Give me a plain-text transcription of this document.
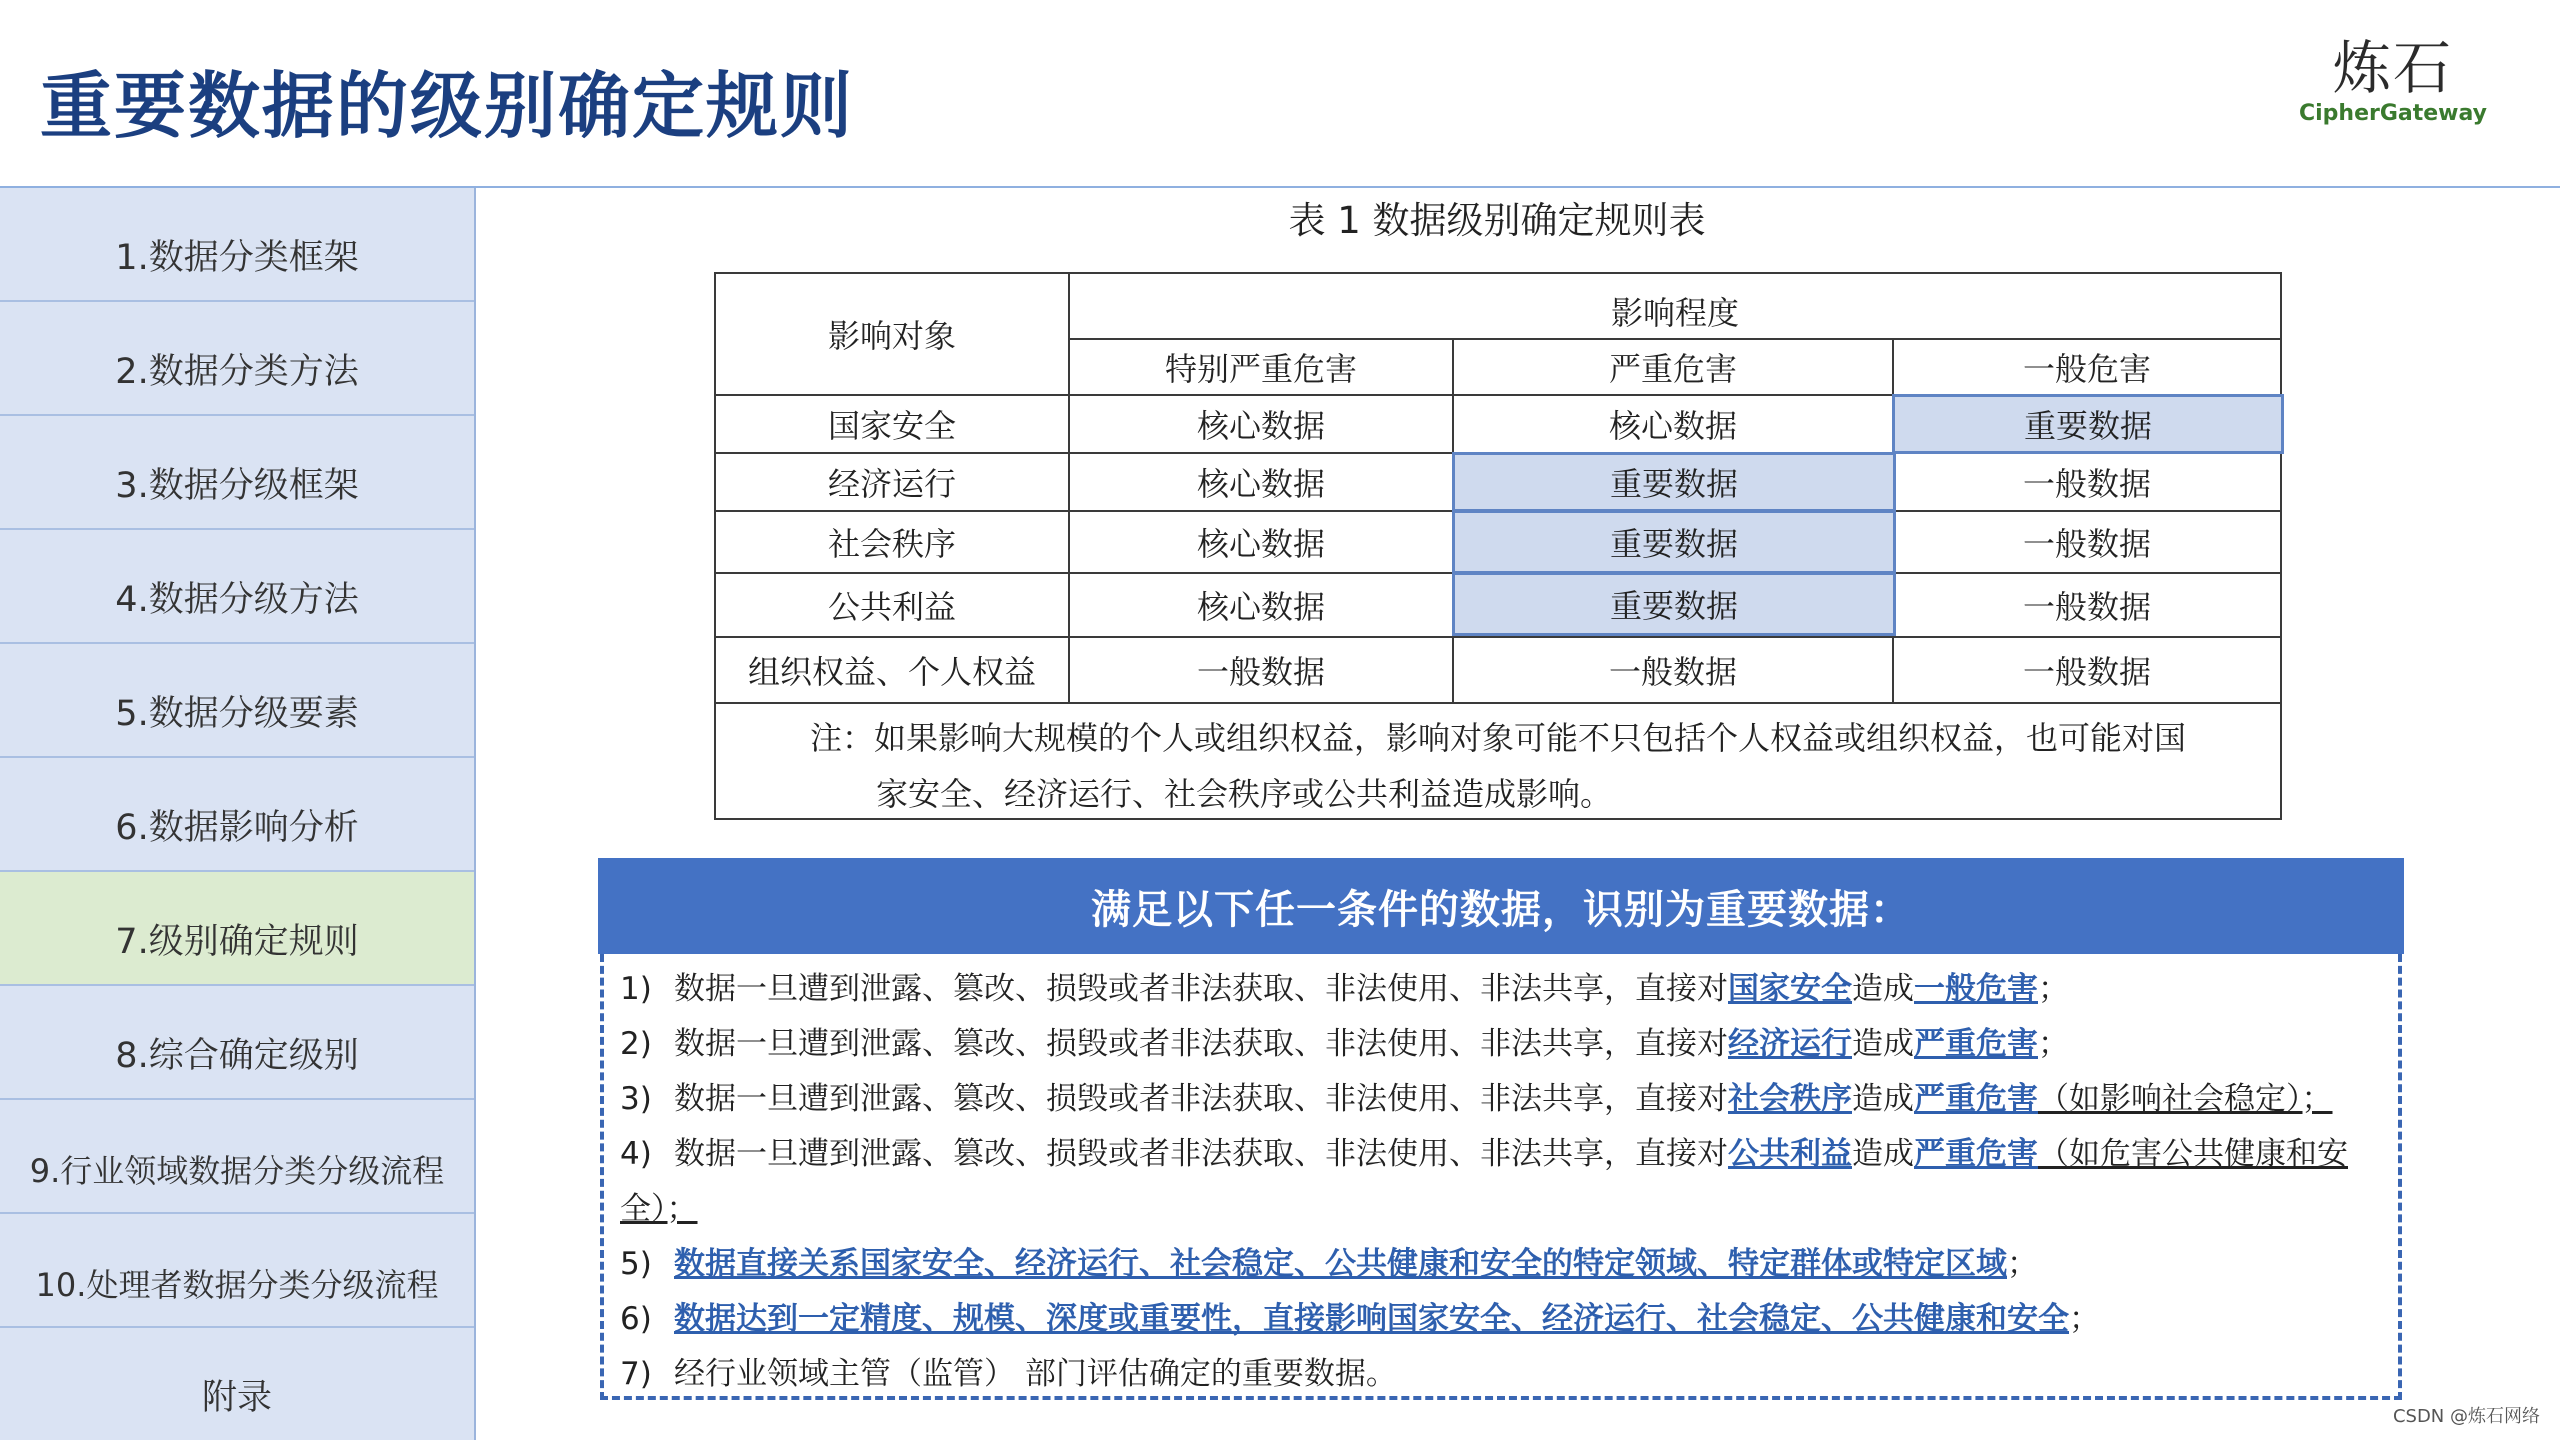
重要数据的级别确定规则	炼石
CipherGateway
1.数据分类框架
2.数据分类方法
3.数据分级框架
4.数据分级方法
5.数据分级要素
6.数据影响分析
7.级别确定规则
8.综合确定级别
9.行业领域数据分类分级流程
10.处理者数据分类分级流程
附录
表 1 数据级别确定规则表
影响对象
影响程度
特别严重危害	严重危害	一般危害
国家安全	核心数据	核心数据	重要数据
经济运行	核心数据	重要数据	一般数据
社会秩序	核心数据	重要数据	一般数据
公共利益	核心数据	重要数据	一般数据
组织权益、个人权益	一般数据	一般数据	一般数据
注：如果影响大规模的个人或组织权益，影响对象可能不只包括个人权益或组织权益，也可能对国
家安全、经济运行、社会秩序或公共利益造成影响。
满足以下任一条件的数据，识别为重要数据：
1) 数据一旦遭到泄露、篡改、损毁或者非法获取、非法使用、非法共享，直接对国家安全造成一般危害；
2) 数据一旦遭到泄露、篡改、损毁或者非法获取、非法使用、非法共享，直接对经济运行造成严重危害；
3) 数据一旦遭到泄露、篡改、损毁或者非法获取、非法使用、非法共享，直接对社会秩序造成严重危害（如影响社会稳定）；
4) 数据一旦遭到泄露、篡改、损毁或者非法获取、非法使用、非法共享，直接对公共利益造成严重危害（如危害公共健康和安全）；
5) 数据直接关系国家安全、经济运行、社会稳定、公共健康和安全的特定领域、特定群体或特定区域；
6) 数据达到一定精度、规模、深度或重要性，直接影响国家安全、经济运行、社会稳定、公共健康和安全；
7) 经行业领域主管（监管） 部门评估确定的重要数据。
CSDN @炼石网络
